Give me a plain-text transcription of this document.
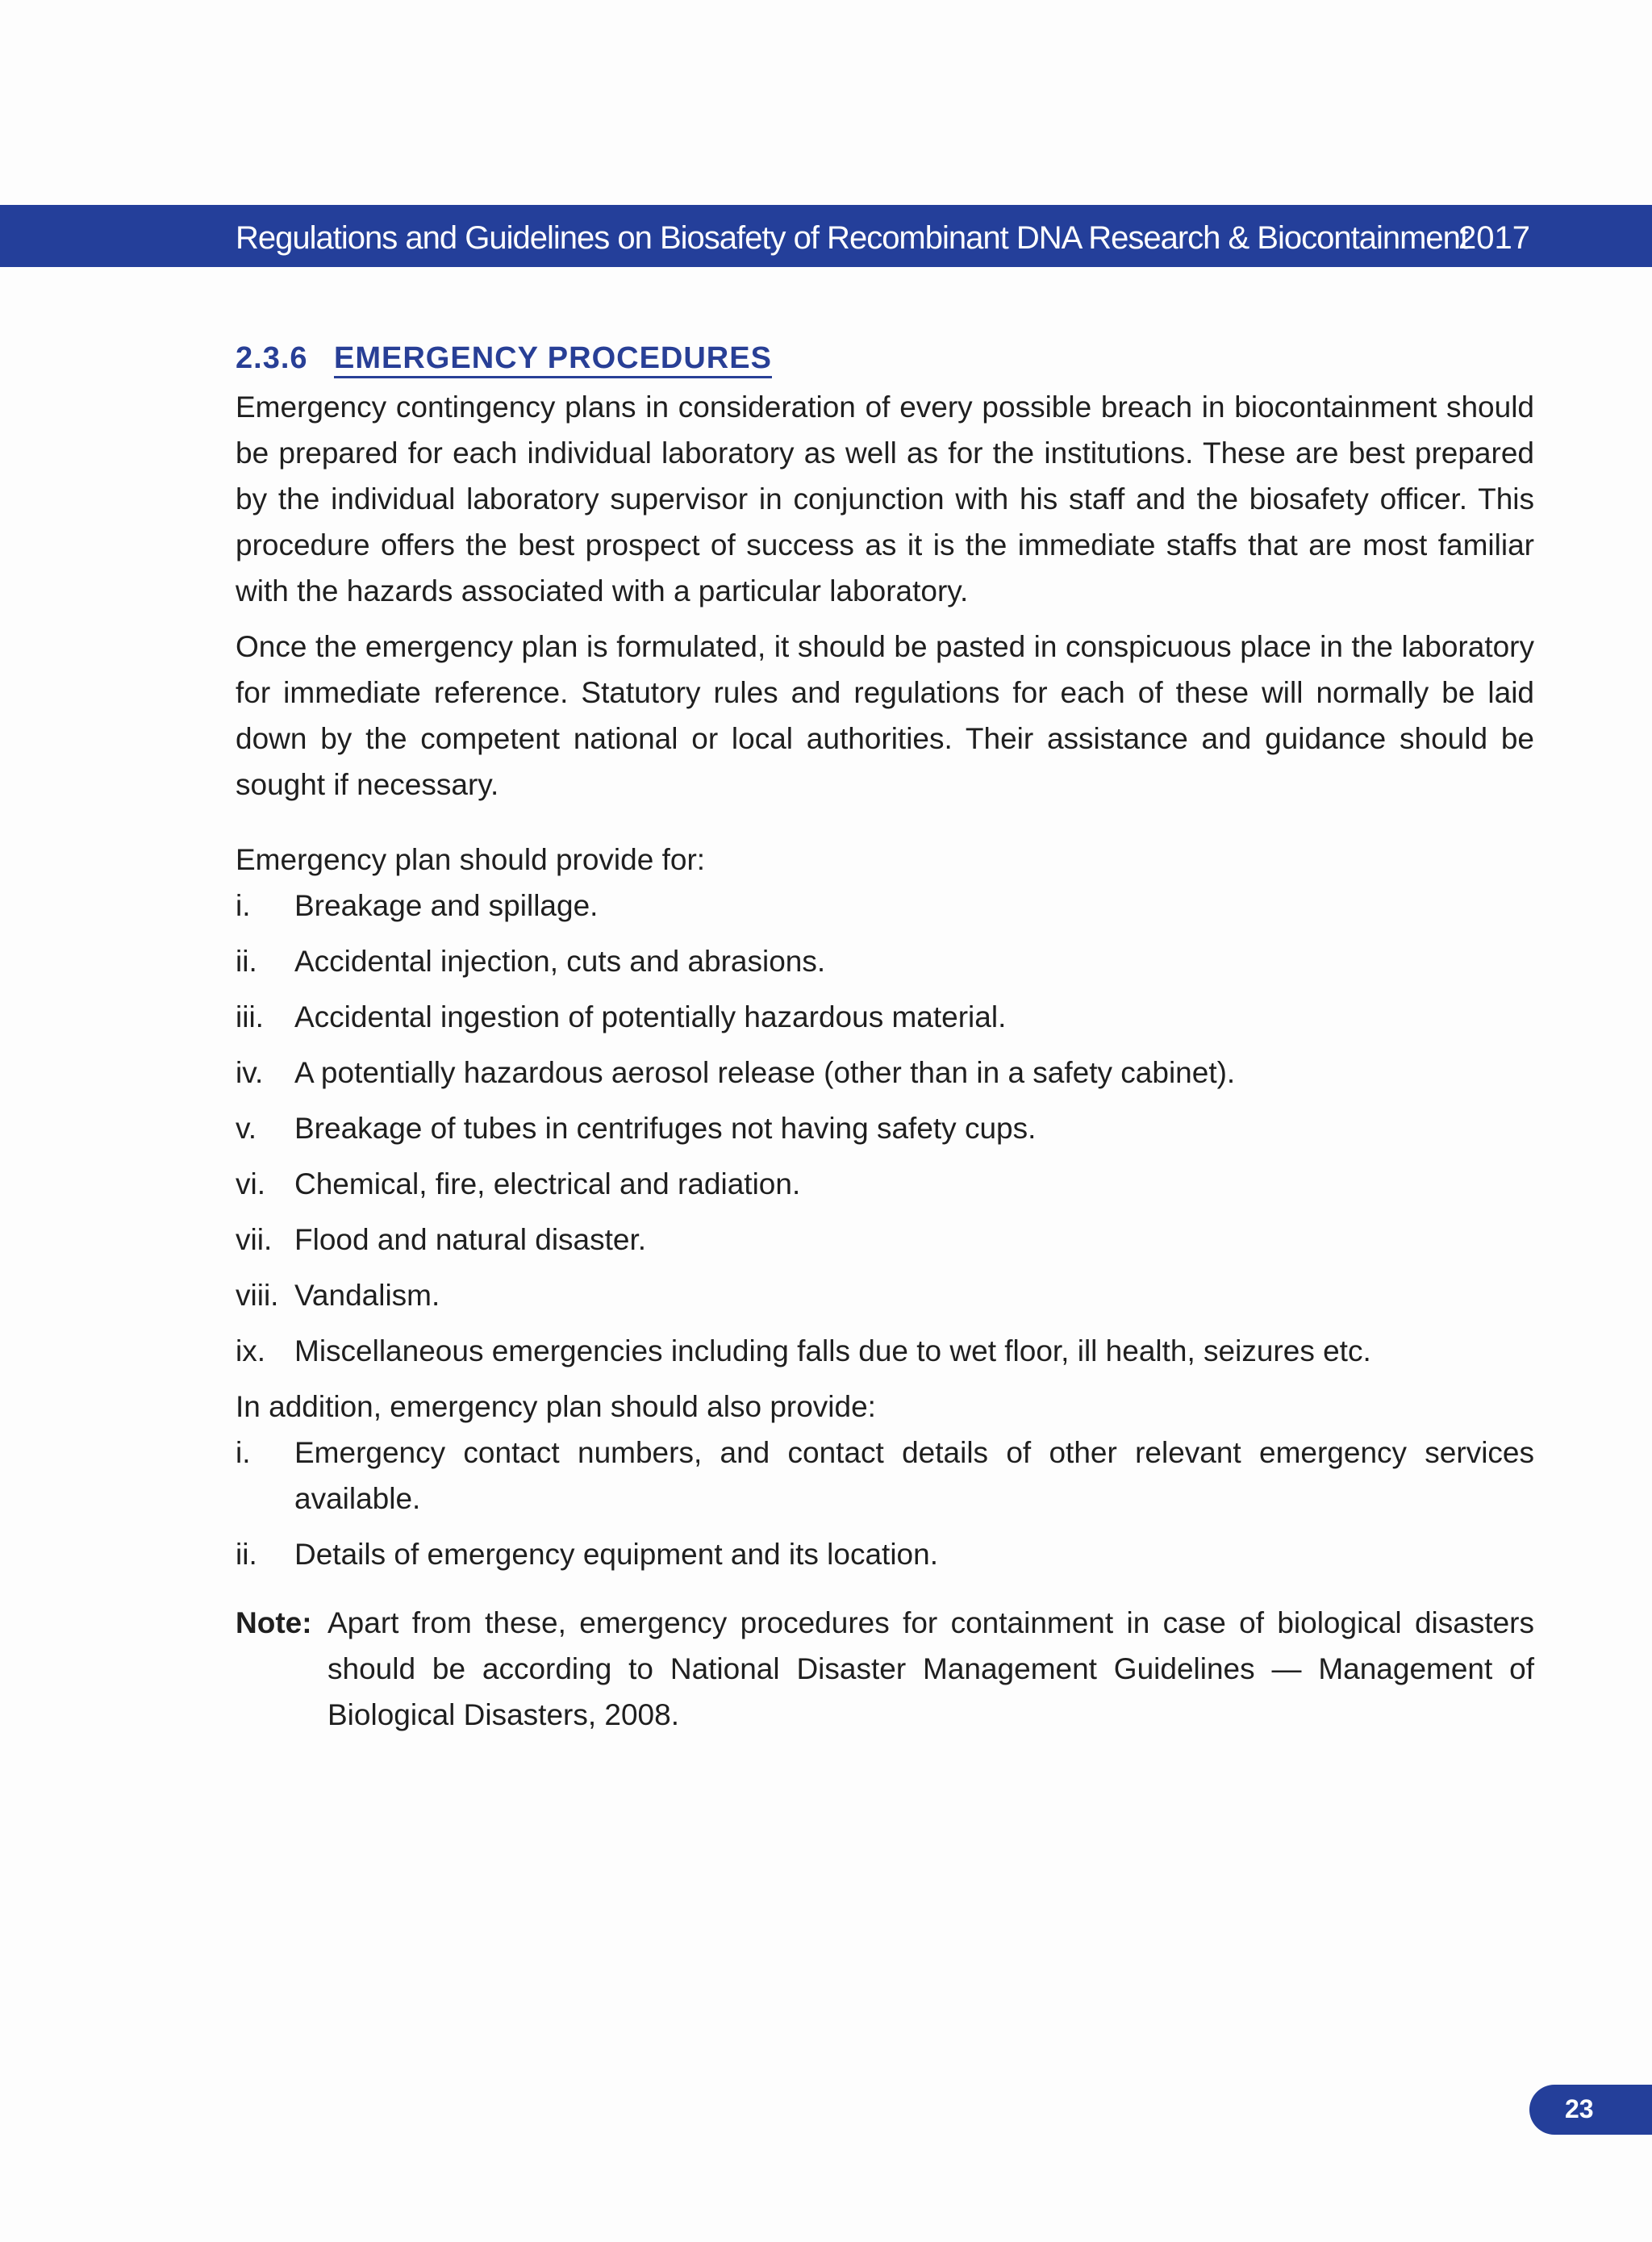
Regulations and Guidelines on Biosafety of Recombinant DNA Research & Biocontainment
2017
2.3.6 EMERGENCY PROCEDURES

Emergency contingency plans in consideration of every possible breach in biocontainment should be prepared for each individual laboratory as well as for the institutions. These are best prepared by the individual laboratory supervisor in conjunction with his staff and the biosafety officer. This procedure offers the best prospect of success as it is the immediate staffs that are most familiar with the hazards associated with a particular laboratory.

Once the emergency plan is formulated, it should be pasted in conspicuous place in the laboratory for immediate reference. Statutory rules and regulations for each of these will normally be laid down by the competent national or local authorities. Their assistance and guidance should be sought if necessary.

Emergency plan should provide for:

i.	Breakage and spillage.
ii.	Accidental injection, cuts and abrasions.
iii.	Accidental ingestion of potentially hazardous material.
iv.	A potentially hazardous aerosol release (other than in a safety cabinet).
v.	Breakage of tubes in centrifuges not having safety cups.
vi. Chemical, fire, electrical and radiation.
vii. Flood and natural disaster.
viii. Vandalism.
ix. Miscellaneous emergencies including falls due to wet floor, ill health, seizures etc.

In addition, emergency plan should also provide:

i.	Emergency contact numbers, and contact details of other relevant emergency services available.
ii.	Details of emergency equipment and its location.
Note: Apart from these, emergency procedures for containment in case of biological disasters should be according to National Disaster Management Guidelines — Management of Biological Disasters, 2008.
23
